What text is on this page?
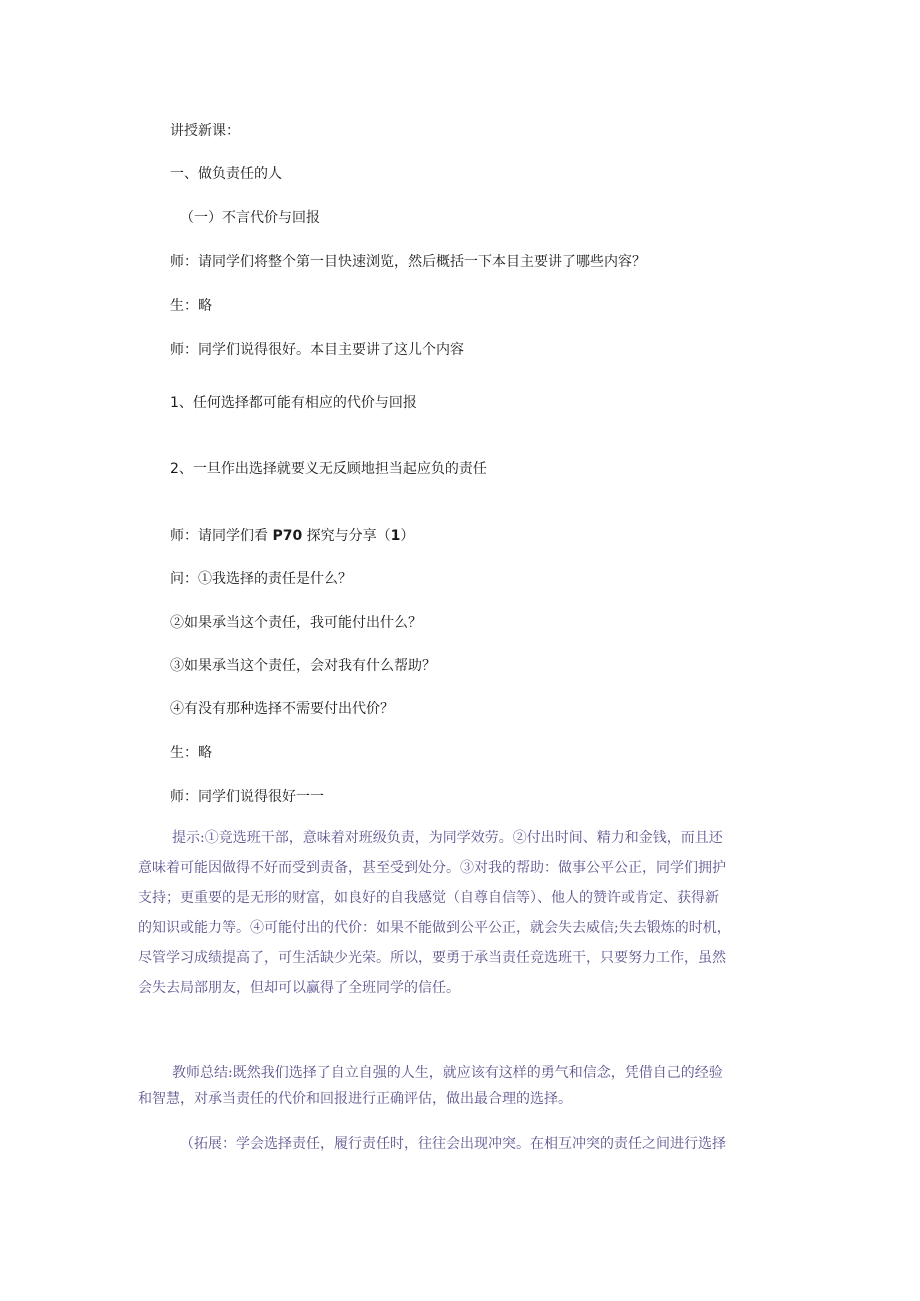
讲授新课：
一、做负责任的人
（一）不言代价与回报
师：请同学们将整个第一目快速浏览，然后概括一下本目主要讲了哪些内容？
生：略
师：同学们说得很好。本目主要讲了这儿个内容
1、任何选择都可能有相应的代价与回报
2、一旦作出选择就要义无反顾地担当起应负的责任
师：请同学们看 P70 探究与分享（1）
问：①我选择的责任是什么？
②如果承当这个责任，我可能付出什么？
③如果承当这个责任，会对我有什么帮助？
④有没有那种选择不需要付出代价？
生：略
师：同学们说得很好一一
提示:①竞选班干部，意味着对班级负责，为同学效劳。②付出时间、精力和金钱，而且还
意味着可能因做得不好而受到责备，甚至受到处分。③对我的帮助：做事公平公正，同学们拥护
支持；更重要的是无形的财富，如良好的自我感觉（自尊自信等）、他人的赞许或肯定、获得新
的知识或能力等。④可能付出的代价：如果不能做到公平公正，就会失去威信;失去锻炼的时机，
尽管学习成绩提高了，可生活缺少光荣。所以，要勇于承当责任竞选班干，只要努力工作，虽然
会失去局部朋友，但却可以赢得了全班同学的信任。
教师总结:既然我们选择了自立自强的人生，就应该有这样的勇气和信念，凭借自己的经验
和智慧，对承当责任的代价和回报进行正确评估，做出最合理的选择。
（拓展：学会选择责任，履行责任时，往往会出现冲突。在相互冲突的责任之间进行选择
